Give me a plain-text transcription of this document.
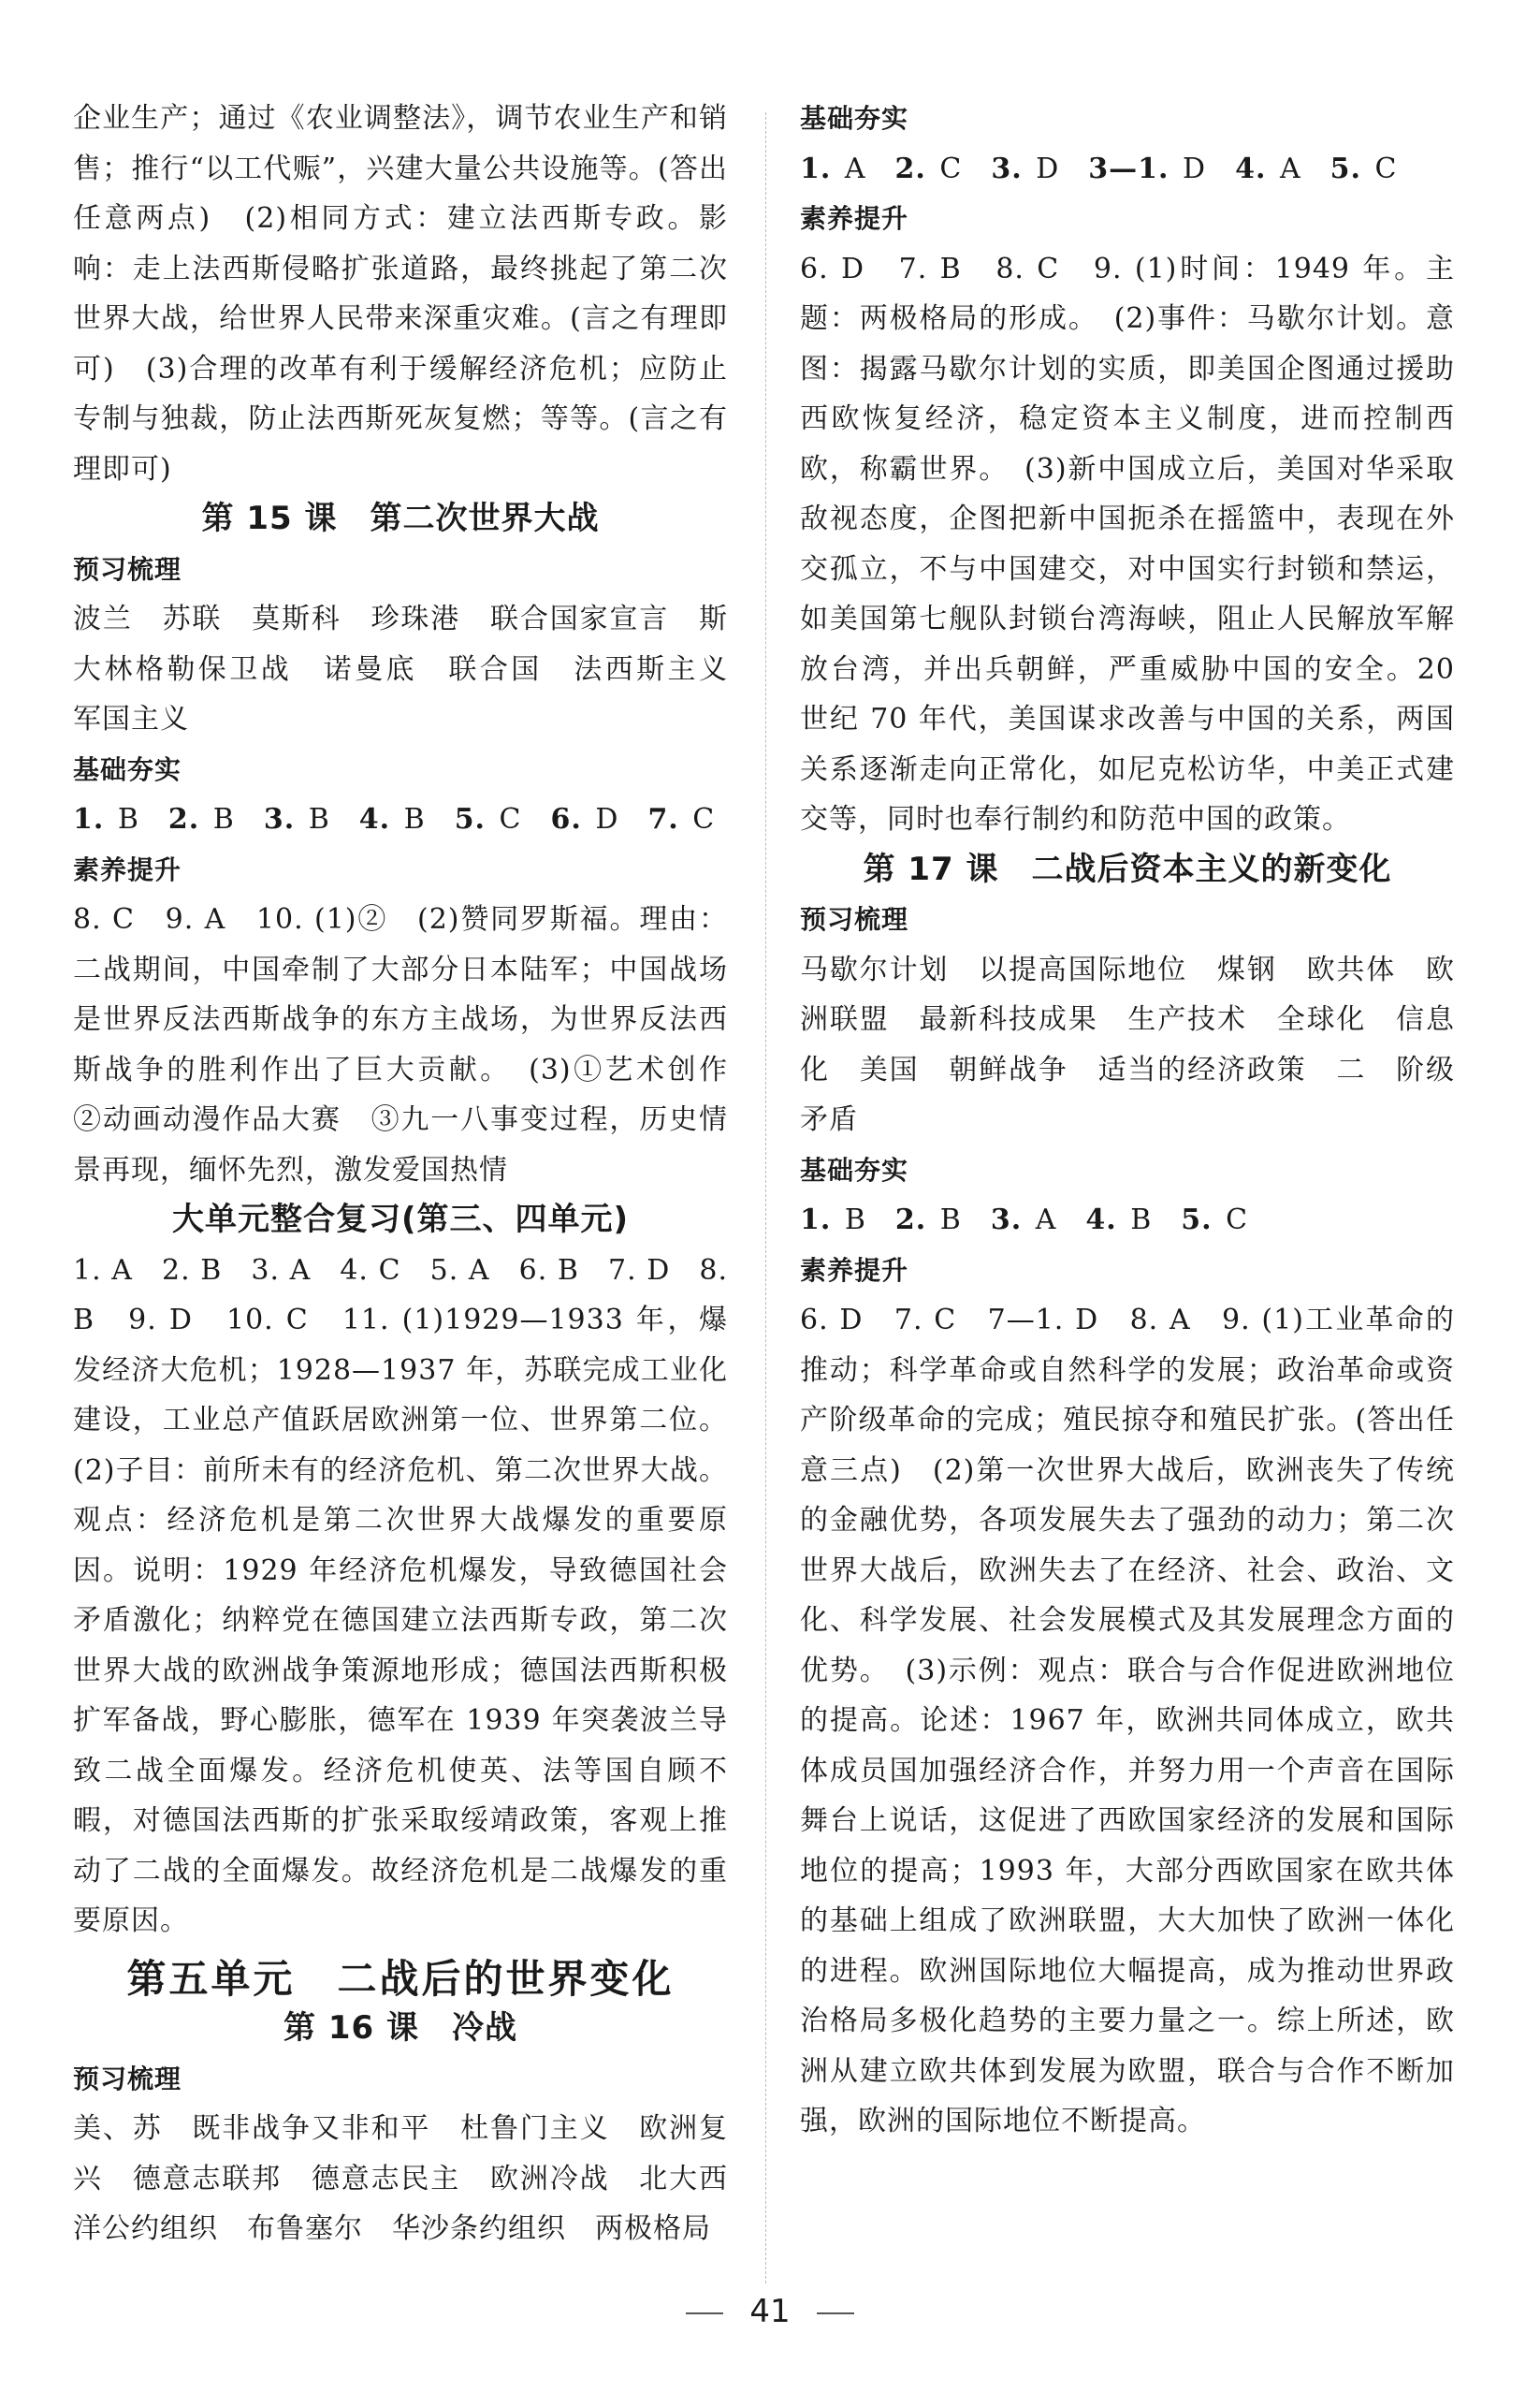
企业生产；通过《农业调整法》，调节农业生产和销售；推行“以工代赈”，兴建大量公共设施等。(答出任意两点)　(2)相同方式：建立法西斯专政。影响：走上法西斯侵略扩张道路，最终挑起了第二次世界大战，给世界人民带来深重灾难。(言之有理即可)　(3)合理的改革有利于缓解经济危机；应防止专制与独裁，防止法西斯死灰复燃；等等。(言之有理即可)

第 15 课　第二次世界大战

预习梳理

波兰　苏联　莫斯科　珍珠港　联合国家宣言　斯大林格勒保卫战　诺曼底　联合国　法西斯主义　军国主义

基础夯实

1. B　 2. B　 3. B　 4. B　 5. C　 6. D　 7. C

素养提升

8. C　9. A　10. (1)②　(2)赞同罗斯福。理由：二战期间，中国牵制了大部分日本陆军；中国战场是世界反法西斯战争的东方主战场，为世界反法西斯战争的胜利作出了巨大贡献。　(3)①艺术创作　②动画动漫作品大赛　③九一八事变过程，历史情景再现，缅怀先烈，激发爱国热情

大单元整合复习(第三、四单元)

1. A　2. B　3. A　4. C　5. A　6. B　7. D　8. B　9. D　10. C　11. (1)1929—1933 年，爆发经济大危机；1928—1937 年，苏联完成工业化建设，工业总产值跃居欧洲第一位、世界第二位。(2)子目：前所未有的经济危机、第二次世界大战。观点：经济危机是第二次世界大战爆发的重要原因。说明：1929 年经济危机爆发，导致德国社会矛盾激化；纳粹党在德国建立法西斯专政，第二次世界大战的欧洲战争策源地形成；德国法西斯积极扩军备战，野心膨胀，德军在 1939 年突袭波兰导致二战全面爆发。经济危机使英、法等国自顾不暇，对德国法西斯的扩张采取绥靖政策，客观上推动了二战的全面爆发。故经济危机是二战爆发的重要原因。

第五单元　二战后的世界变化

第 16 课　冷战

预习梳理

美、苏　既非战争又非和平　杜鲁门主义　欧洲复兴　德意志联邦　德意志民主　欧洲冷战　北大西洋公约组织　布鲁塞尔　华沙条约组织　两极格局

基础夯实

1. A　 2. C　 3. D　 3—1. D　 4. A　 5. C

素养提升

6. D　7. B　8. C　9. (1)时间：1949 年。主题：两极格局的形成。　(2)事件：马歇尔计划。意图：揭露马歇尔计划的实质，即美国企图通过援助西欧恢复经济，稳定资本主义制度，进而控制西欧，称霸世界。　(3)新中国成立后，美国对华采取敌视态度，企图把新中国扼杀在摇篮中，表现在外交孤立，不与中国建交，对中国实行封锁和禁运，如美国第七舰队封锁台湾海峡，阻止人民解放军解放台湾，并出兵朝鲜，严重威胁中国的安全。20 世纪 70 年代，美国谋求改善与中国的关系，两国关系逐渐走向正常化，如尼克松访华，中美正式建交等，同时也奉行制约和防范中国的政策。

第 17 课　二战后资本主义的新变化

预习梳理

马歇尔计划　以提高国际地位　煤钢　欧共体　欧洲联盟　最新科技成果　生产技术　全球化　信息化　美国　朝鲜战争　适当的经济政策　二　阶级矛盾

基础夯实

1. B　 2. B　 3. A　 4. B　 5. C

素养提升

6. D　7. C　7—1. D　8. A　9. (1)工业革命的推动；科学革命或自然科学的发展；政治革命或资产阶级革命的完成；殖民掠夺和殖民扩张。(答出任意三点)　(2)第一次世界大战后，欧洲丧失了传统的金融优势，各项发展失去了强劲的动力；第二次世界大战后，欧洲失去了在经济、社会、政治、文化、科学发展、社会发展模式及其发展理念方面的优势。　(3)示例：观点：联合与合作促进欧洲地位的提高。论述：1967 年，欧洲共同体成立，欧共体成员国加强经济合作，并努力用一个声音在国际舞台上说话，这促进了西欧国家经济的发展和国际地位的提高；1993 年，大部分西欧国家在欧共体的基础上组成了欧洲联盟，大大加快了欧洲一体化的进程。欧洲国际地位大幅提高，成为推动世界政治格局多极化趋势的主要力量之一。综上所述，欧洲从建立欧共体到发展为欧盟，联合与合作不断加强，欧洲的国际地位不断提高。

41
